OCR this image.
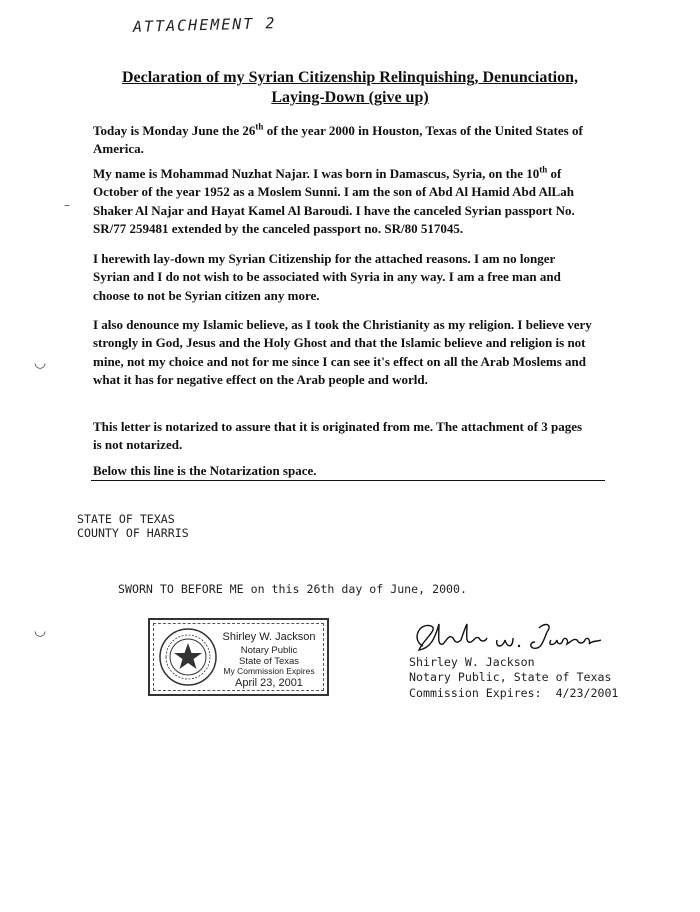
ATTACHEMENT 2
Declaration of my Syrian Citizenship Relinquishing, Denunciation,
Laying-Down (give up)

Today is Monday June the 26th of the year 2000 in Houston, Texas of the United States of America.

My name is Mohammad Nuzhat Najar. I was born in Damascus, Syria, on the 10th of October of the year 1952 as a Moslem Sunni. I am the son of Abd Al Hamid Abd AlLah Shaker Al Najar and Hayat Kamel Al Baroudi. I have the canceled Syrian passport No. SR/77 259481 extended by the canceled passport no. SR/80 517045.

I herewith lay-down my Syrian Citizenship for the attached reasons. I am no longer Syrian and I do not wish to be associated with Syria in any way. I am a free man and choose to not be Syrian citizen any more.

I also denounce my Islamic believe, as I took the Christianity as my religion. I believe very strongly in God, Jesus and the Holy Ghost and that the Islamic believe and religion is not mine, not my choice and not for me since I can see it's effect on all the Arab Moslems and what it has for negative effect on the Arab people and world.

This letter is notarized to assure that it is originated from me. The attachment of 3 pages is not notarized.

Below this line is the Notarization space.

–
◡
◡
STATE OF TEXAS
COUNTY OF HARRIS
SWORN TO BEFORE ME on this 26th day of June, 2000.
Shirley W. Jackson
Notary Public
State of Texas
My Commission Expires
April 23, 2001
Shirley W. Jackson
Notary Public, State of Texas
Commission Expires:  4/23/2001
